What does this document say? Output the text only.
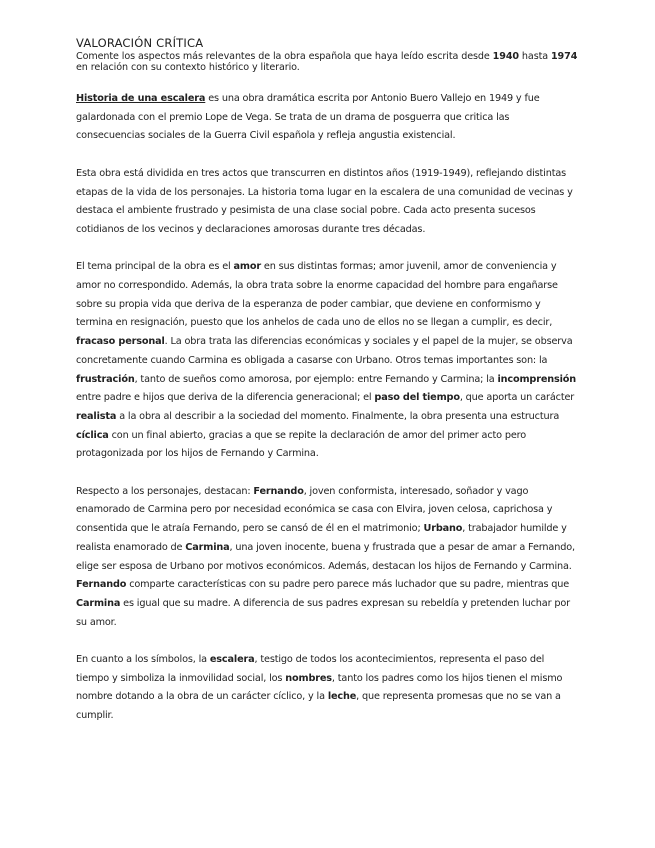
VALORACIÓN CRÍTICA

Comente los aspectos más relevantes de la obra española que haya leído escrita desde 1940 hasta 1974 en relación con su contexto histórico y literario.

Historia de una escalera es una obra dramática escrita por Antonio Buero Vallejo en 1949 y fue galardonada con el premio Lope de Vega. Se trata de un drama de posguerra que critica las consecuencias sociales de la Guerra Civil española y refleja angustia existencial.

Esta obra está dividida en tres actos que transcurren en distintos años (1919-1949), reflejando distintas etapas de la vida de los personajes. La historia toma lugar en la escalera de una comunidad de vecinas y destaca el ambiente frustrado y pesimista de una clase social pobre. Cada acto presenta sucesos cotidianos de los vecinos y declaraciones amorosas durante tres décadas.

El tema principal de la obra es el amor en sus distintas formas; amor juvenil, amor de conveniencia y amor no correspondido. Además, la obra trata sobre la enorme capacidad del hombre para engañarse sobre su propia vida que deriva de la esperanza de poder cambiar, que deviene en conformismo y termina en resignación, puesto que los anhelos de cada uno de ellos no se llegan a cumplir, es decir, fracaso personal. La obra trata las diferencias económicas y sociales y el papel de la mujer, se observa concretamente cuando Carmina es obligada a casarse con Urbano. Otros temas importantes son: la frustración, tanto de sueños como amorosa, por ejemplo: entre Fernando y Carmina; la incomprensión entre padre e hijos que deriva de la diferencia generacional; el paso del tiempo, que aporta un carácter realista a la obra al describir a la sociedad del momento. Finalmente, la obra presenta una estructura cíclica con un final abierto, gracias a que se repite la declaración de amor del primer acto pero protagonizada por los hijos de Fernando y Carmina.

Respecto a los personajes, destacan: Fernando, joven conformista, interesado, soñador y vago enamorado de Carmina pero por necesidad económica se casa con Elvira, joven celosa, caprichosa y consentida que le atraía Fernando, pero se cansó de él en el matrimonio; Urbano, trabajador humilde y realista enamorado de Carmina, una joven inocente, buena y frustrada que a pesar de amar a Fernando, elige ser esposa de Urbano por motivos económicos. Además, destacan los hijos de Fernando y Carmina. Fernando comparte características con su padre pero parece más luchador que su padre, mientras que Carmina es igual que su madre. A diferencia de sus padres expresan su rebeldía y pretenden luchar por su amor.

En cuanto a los símbolos, la escalera, testigo de todos los acontecimientos, representa el paso del tiempo y simboliza la inmovilidad social, los nombres, tanto los padres como los hijos tienen el mismo nombre dotando a la obra de un carácter cíclico, y la leche, que representa promesas que no se van a cumplir.
